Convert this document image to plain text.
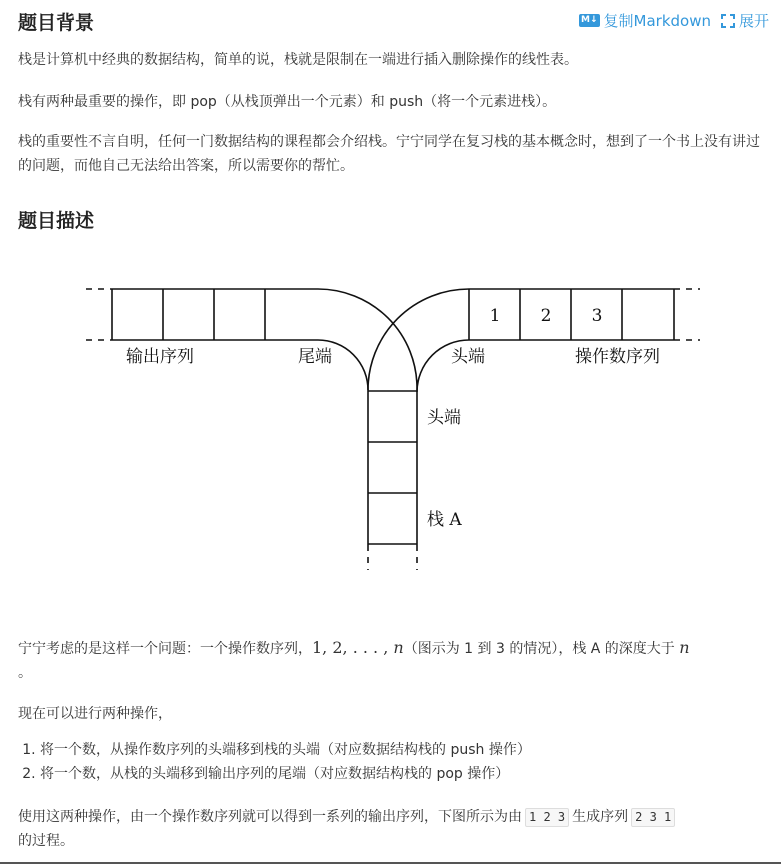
题目背景	M↓ 复制Markdown 展开

栈是计算机中经典的数据结构，简单的说，栈就是限制在一端进行插入删除操作的线性表。

栈有两种最重要的操作，即 pop（从栈顶弹出一个元素）和 push（将一个元素进栈）。

栈的重要性不言自明，任何一门数据结构的课程都会介绍栈。宁宁同学在复习栈的基本概念时，想到了一个书上没有讲过的问题，而他自己无法给出答案，所以需要你的帮忙。

题目描述
输出序列	尾端	头端	操作数序列
头端
栈 A
1 2 3

宁宁考虑的是这样一个问题：一个操作数序列，1, 2, . . . , n（图示为 1 到 3 的情况），栈 A 的深度大于 n
。

现在可以进行两种操作，

1. 将一个数，从操作数序列的头端移到栈的头端（对应数据结构栈的 push 操作）
2. 将一个数，从栈的头端移到输出序列的尾端（对应数据结构栈的 pop 操作）

使用这两种操作，由一个操作数序列就可以得到一系列的输出序列，下图所示为由 1 2 3 生成序列 2 3 1
的过程。
